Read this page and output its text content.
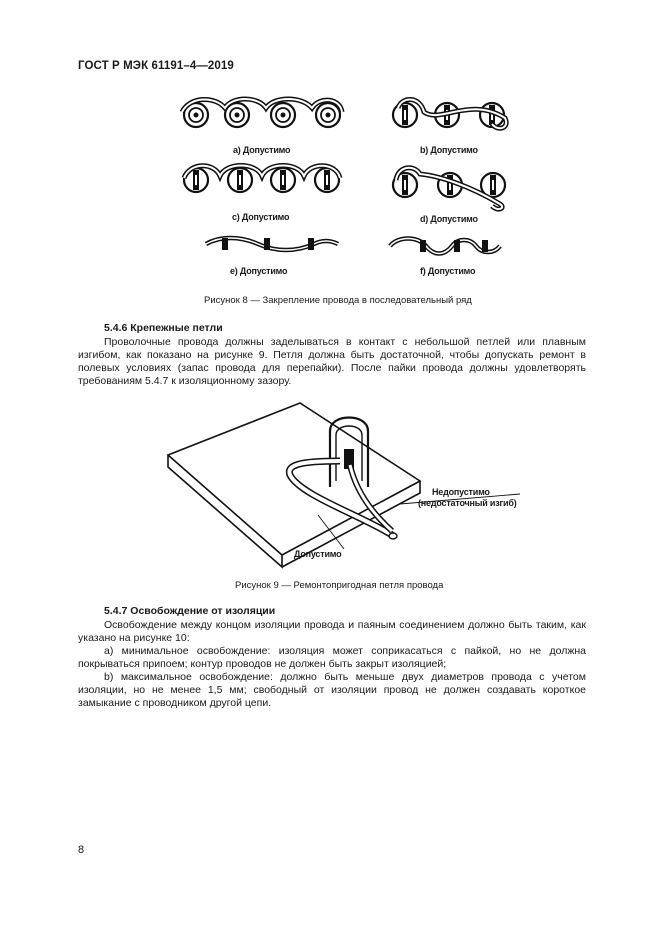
ГОСТ Р МЭК 61191–4—2019
a) Допустимо	b) Допустимо
c) Допустимо	d) Допустимо
e) Допустимо	f) Допустимо
Рисунок 8 — Закрепление провода в последовательный ряд
5.4.6 Крепежные петли

Проволочные провода должны заделываться в контакт с небольшой петлей или плавным изгибом, как показано на рисунке 9. Петля должна быть достаточной, чтобы допускать ремонт в полевых условиях (запас провода для перепайки). После пайки провода должны удовлетворять требованиям 5.4.7 к изоляционному зазору.

Недопустимо
(недостаточный изгиб)
Допустимо
Рисунок 9 — Ремонтопригодная петля провода
5.4.7 Освобождение от изоляции

Освобождение между концом изоляции провода и паяным соединением должно быть таким, как указано на рисунке 10:

a) минимальное освобождение: изоляция может соприкасаться с пайкой, но не должна покрываться припоем; контур проводов не должен быть закрыт изоляцией;

b) максимальное освобождение: должно быть меньше двух диаметров провода с учетом изоляции, но не менее 1,5 мм; свободный от изоляции провод не должен создавать короткое замыкание с проводником другой цепи.

8
